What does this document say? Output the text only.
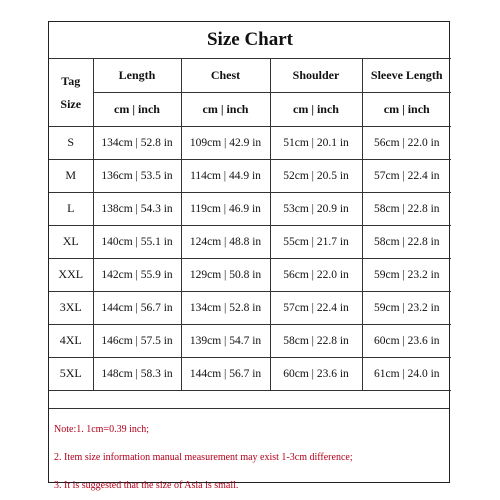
Size Chart				

Tag
Size	Length	Chest	Shoulder	Sleeve Length
	cm | inch	cm | inch	cm | inch	cm | inch
S	134cm | 52.8 in	109cm | 42.9 in	51cm | 20.1 in	56cm | 22.0 in
M	136cm | 53.5 in	114cm | 44.9 in	52cm | 20.5 in	57cm | 22.4 in
L	138cm | 54.3 in	119cm | 46.9 in	53cm | 20.9 in	58cm | 22.8 in
XL	140cm | 55.1 in	124cm | 48.8 in	55cm | 21.7 in	58cm | 22.8 in
XXL	142cm | 55.9 in	129cm | 50.8 in	56cm | 22.0 in	59cm | 23.2 in
3XL	144cm | 56.7 in	134cm | 52.8 in	57cm | 22.4 in	59cm | 23.2 in
4XL	146cm | 57.5 in	139cm | 54.7 in	58cm | 22.8 in	60cm | 23.6 in
5XL	148cm | 58.3 in	144cm | 56.7 in	60cm | 23.6 in	61cm | 24.0 in
Note:1. 1cm=0.39 inch;
2. Item size information manual measurement may exist 1-3cm difference;
3. It is suggested that the size of Asia is small.
